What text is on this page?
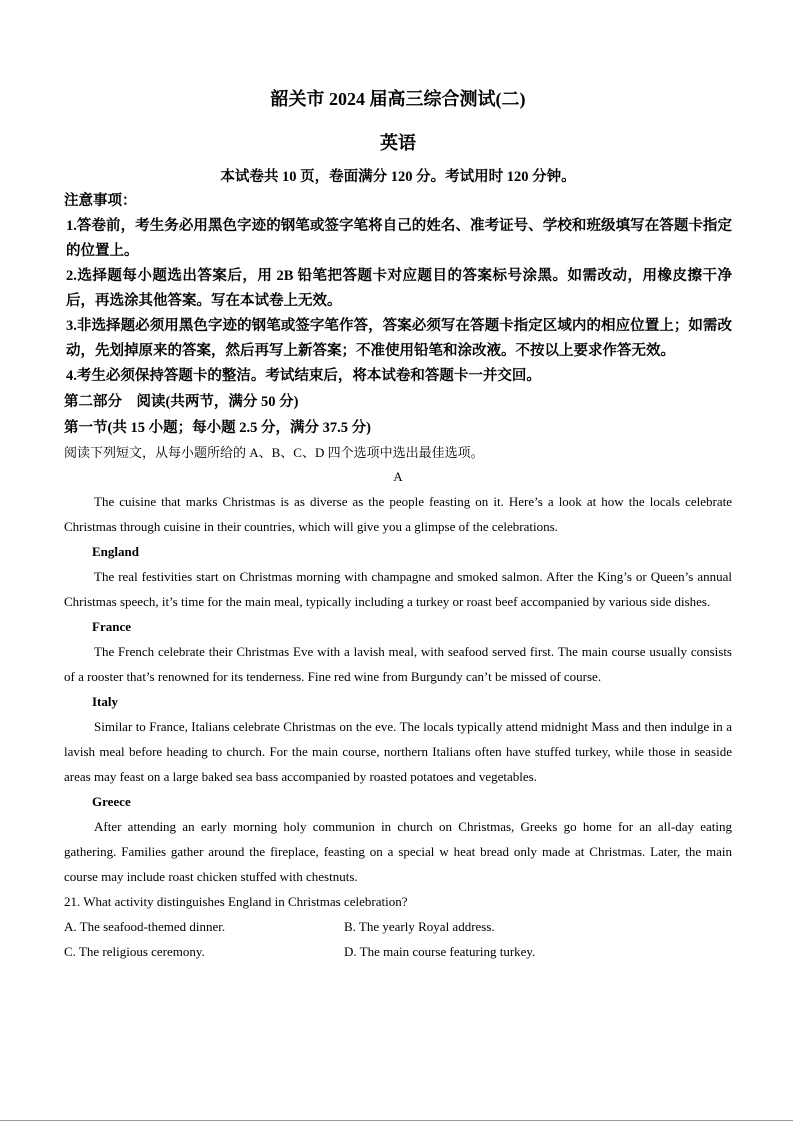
韶关市 2024 届高三综合测试(二)
英语
本试卷共 10 页，卷面满分 120 分。考试用时 120 分钟。
注意事项：
1.答卷前，考生务必用黑色字迹的钢笔或签字笔将自己的姓名、准考证号、学校和班级填写在答题卡指定的位置上。
2.选择题每小题选出答案后，用 2B 铅笔把答题卡对应题目的答案标号涂黑。如需改动，用橡皮擦干净后，再选涂其他答案。写在本试卷上无效。
3.非选择题必须用黑色字迹的钢笔或签字笔作答，答案必须写在答题卡指定区域内的相应位置上；如需改动，先划掉原来的答案，然后再写上新答案；不准使用铅笔和涂改液。不按以上要求作答无效。
4.考生必须保持答题卡的整洁。考试结束后，将本试卷和答题卡一并交回。
第二部分　阅读(共两节，满分 50 分)
第一节(共 15 小题；每小题 2.5 分，满分 37.5 分)
阅读下列短文，从每小题所给的 A、B、C、D 四个选项中选出最佳选项。
A

The cuisine that marks Christmas is as diverse as the people feasting on it. Here’s a look at how the locals celebrate Christmas through cuisine in their countries, which will give you a glimpse of the celebrations.

England

The real festivities start on Christmas morning with champagne and smoked salmon. After the King’s or Queen’s annual Christmas speech, it’s time for the main meal, typically including a turkey or roast beef accompanied by various side dishes.

France

The French celebrate their Christmas Eve with a lavish meal, with seafood served first. The main course usually consists of a rooster that’s renowned for its tenderness. Fine red wine from Burgundy can’t be missed of course.

Italy

Similar to France, Italians celebrate Christmas on the eve. The locals typically attend midnight Mass and then indulge in a lavish meal before heading to church. For the main course, northern Italians often have stuffed turkey, while those in seaside areas may feast on a large baked sea bass accompanied by roasted potatoes and vegetables.

Greece

After attending an early morning holy communion in church on Christmas, Greeks go home for an all-day eating gathering. Families gather around the fireplace, feasting on a special w heat bread only made at Christmas. Later, the main course may include roast chicken stuffed with chestnuts.

21. What activity distinguishes England in Christmas celebration?
A. The seafood-themed dinner.	B. The yearly Royal address.
C. The religious ceremony.	D. The main course featuring turkey.
